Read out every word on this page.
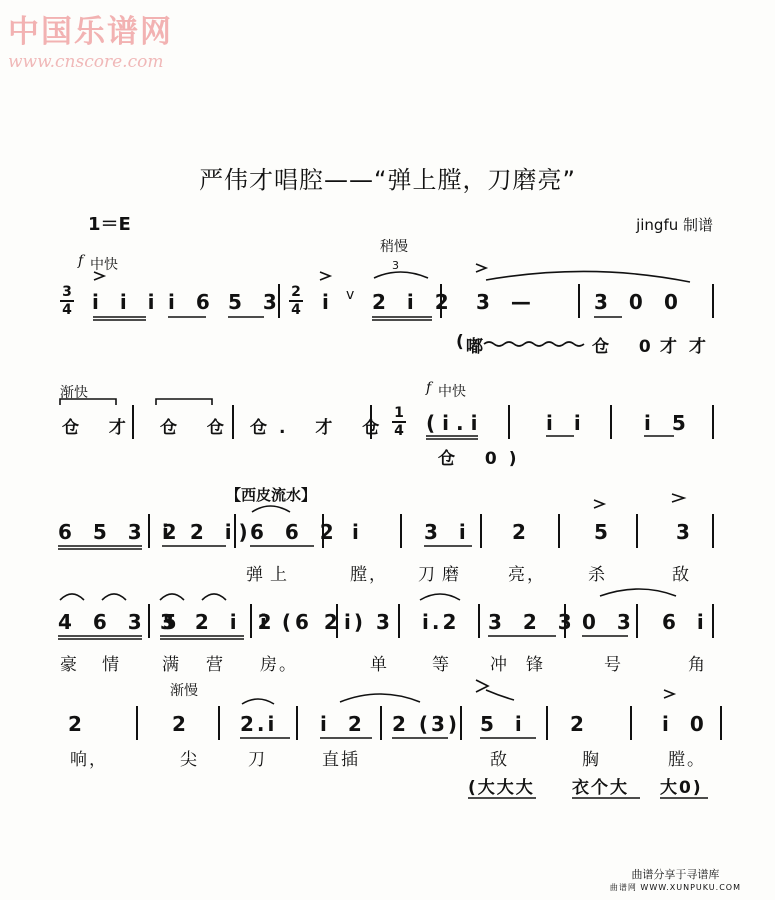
中国乐谱网
www.cnscore.com
严伟才唱腔——“弹上膛，刀磨亮”
1＝E	jingfu 制谱
f 中快
稍慢
3
3
4 i i i i 6 5 3 2
4 i v 2 i 2 3 —	3 0 0
( 嘟	仓 0
才才
渐快
仓 才 仓 仓 仓. 才 仓
1
4
f 中快
(i.i	i i	i 5
仓 0)
【西皮流水】
6 5 3 2
i 2 i)
6 6 2 i	3 i 2	5	3
弹 上	膛， 刀 磨	亮， 杀	敌
4 6 3 5
3 2 i 2
i (6 2 i) 3 i.2 3 2 3 0 3 6 i
豪 情 满 营 房。	单	等 冲 锋	号	角
渐慢
2	2 2.i i 2 2 (3) 5 i 2	i 0
响，	尖	刀	直插	敌	胸	膛。
(大大大 衣个大 大0)
曲谱分享于寻谱库
曲谱网 WWW.XUNPUKU.COM
